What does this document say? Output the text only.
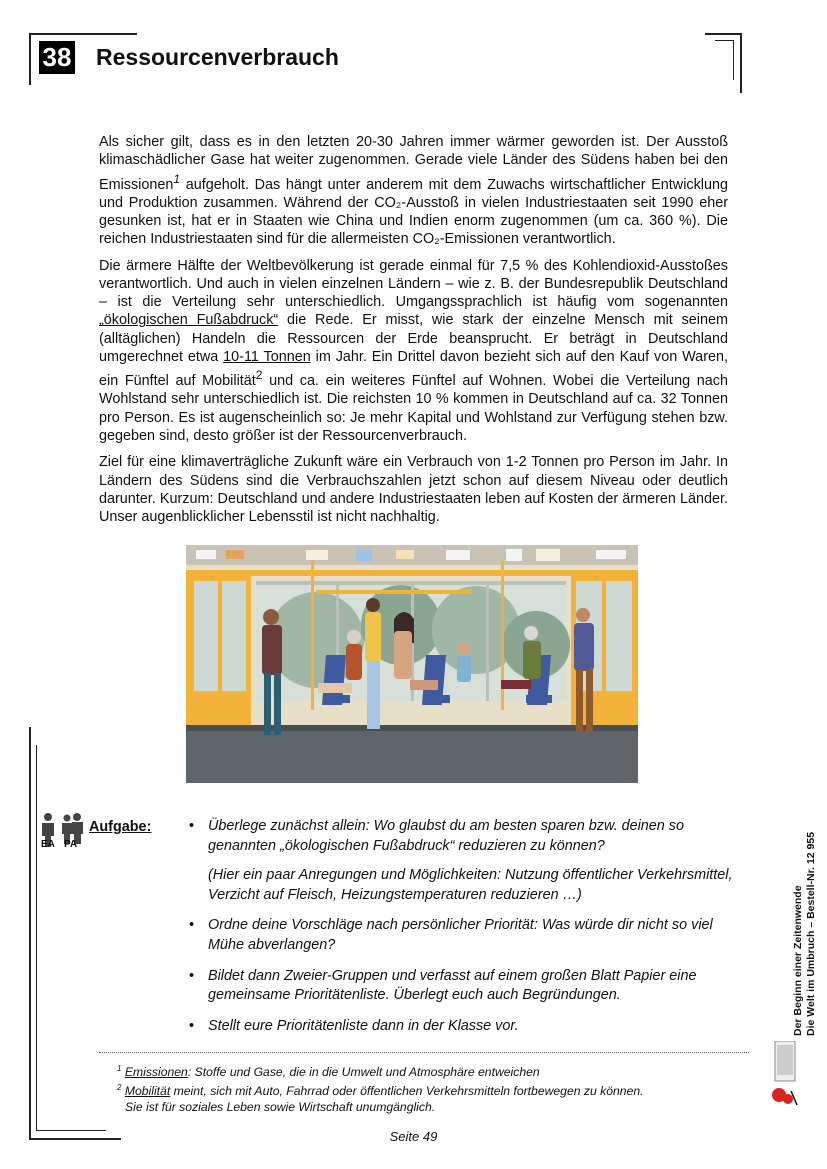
38 Ressourcenverbrauch

Als sicher gilt, dass es in den letzten 20-30 Jahren immer wärmer geworden ist. Der Ausstoß klimaschädlicher Gase hat weiter zugenommen. Gerade viele Länder des Südens haben bei den Emissionen$^1$ aufgeholt. Das hängt unter anderem mit dem Zuwachs wirtschaftlicher Entwicklung und Produktion zusammen. Während der CO₂-Ausstoß in vielen Industriestaaten seit 1990 eher gesunken ist, hat er in Staaten wie China und Indien enorm zugenommen (um ca. 360 %). Die reichen Industriestaaten sind für die allermeisten CO₂-Emissionen verantwortlich.

Die ärmere Hälfte der Weltbevölkerung ist gerade einmal für 7,5 % des Kohlendioxid-Ausstoßes verantwortlich. Und auch in vielen einzelnen Ländern – wie z. B. der Bundesrepublik Deutschland – ist die Verteilung sehr unterschiedlich. Umgangssprachlich ist häufig vom sogenannten „ökologischen Fußabdruck“ die Rede. Er misst, wie stark der einzelne Mensch mit seinem (alltäglichen) Handeln die Ressourcen der Erde beansprucht. Er beträgt in Deutschland umgerechnet etwa 10-11 Tonnen im Jahr. Ein Drittel davon bezieht sich auf den Kauf von Waren, ein Fünftel auf Mobilität$^2$ und ca. ein weiteres Fünftel auf Wohnen. Wobei die Verteilung nach Wohlstand sehr unterschiedlich ist. Die reichsten 10 % kommen in Deutschland auf ca. 32 Tonnen pro Person. Es ist augenscheinlich so: Je mehr Kapital und Wohlstand zur Verfügung stehen bzw. gegeben sind, desto größer ist der Ressourcenverbrauch.

Ziel für eine klimaverträgliche Zukunft wäre ein Verbrauch von 1-2 Tonnen pro Person im Jahr. In Ländern des Südens sind die Verbrauchszahlen jetzt schon auf diesem Niveau oder deutlich darunter. Kurzum: Deutschland und andere Industriestaaten leben auf Kosten der ärmeren Länder. Unser augenblicklicher Lebensstil ist nicht nachhaltig.

EA PA
Aufgabe:	• Überlege zunächst allein: Wo glaubst du am besten sparen bzw. deinen so genannten „ökologischen Fußabdruck“ reduzieren zu können?
(Hier ein paar Anregungen und Möglichkeiten: Nutzung öffentlicher Verkehrsmittel, Verzicht auf Fleisch, Heizungstemperaturen reduzieren …)
• Ordne deine Vorschläge nach persönlicher Priorität: Was würde dir nicht so viel Mühe abverlangen?
• Bildet dann Zweier-Gruppen und verfasst auf einem großen Blatt Papier eine gemeinsame Prioritätenliste. Überlegt euch auch Begründungen.
• Stellt eure Prioritätenliste dann in der Klasse vor.
$^1$ Emissionen: Stoffe und Gase, die in die Umwelt und Atmosphäre entweichen
$^2$ Mobilität meint, sich mit Auto, Fahrrad oder öffentlichen Verkehrsmitteln fortbewegen zu können.
Sie ist für soziales Leben sowie Wirtschaft unumgänglich.
Seite 49
Der Beginn einer Zeitenwende Die Welt im Umbruch – Bestell-Nr. 12 955
